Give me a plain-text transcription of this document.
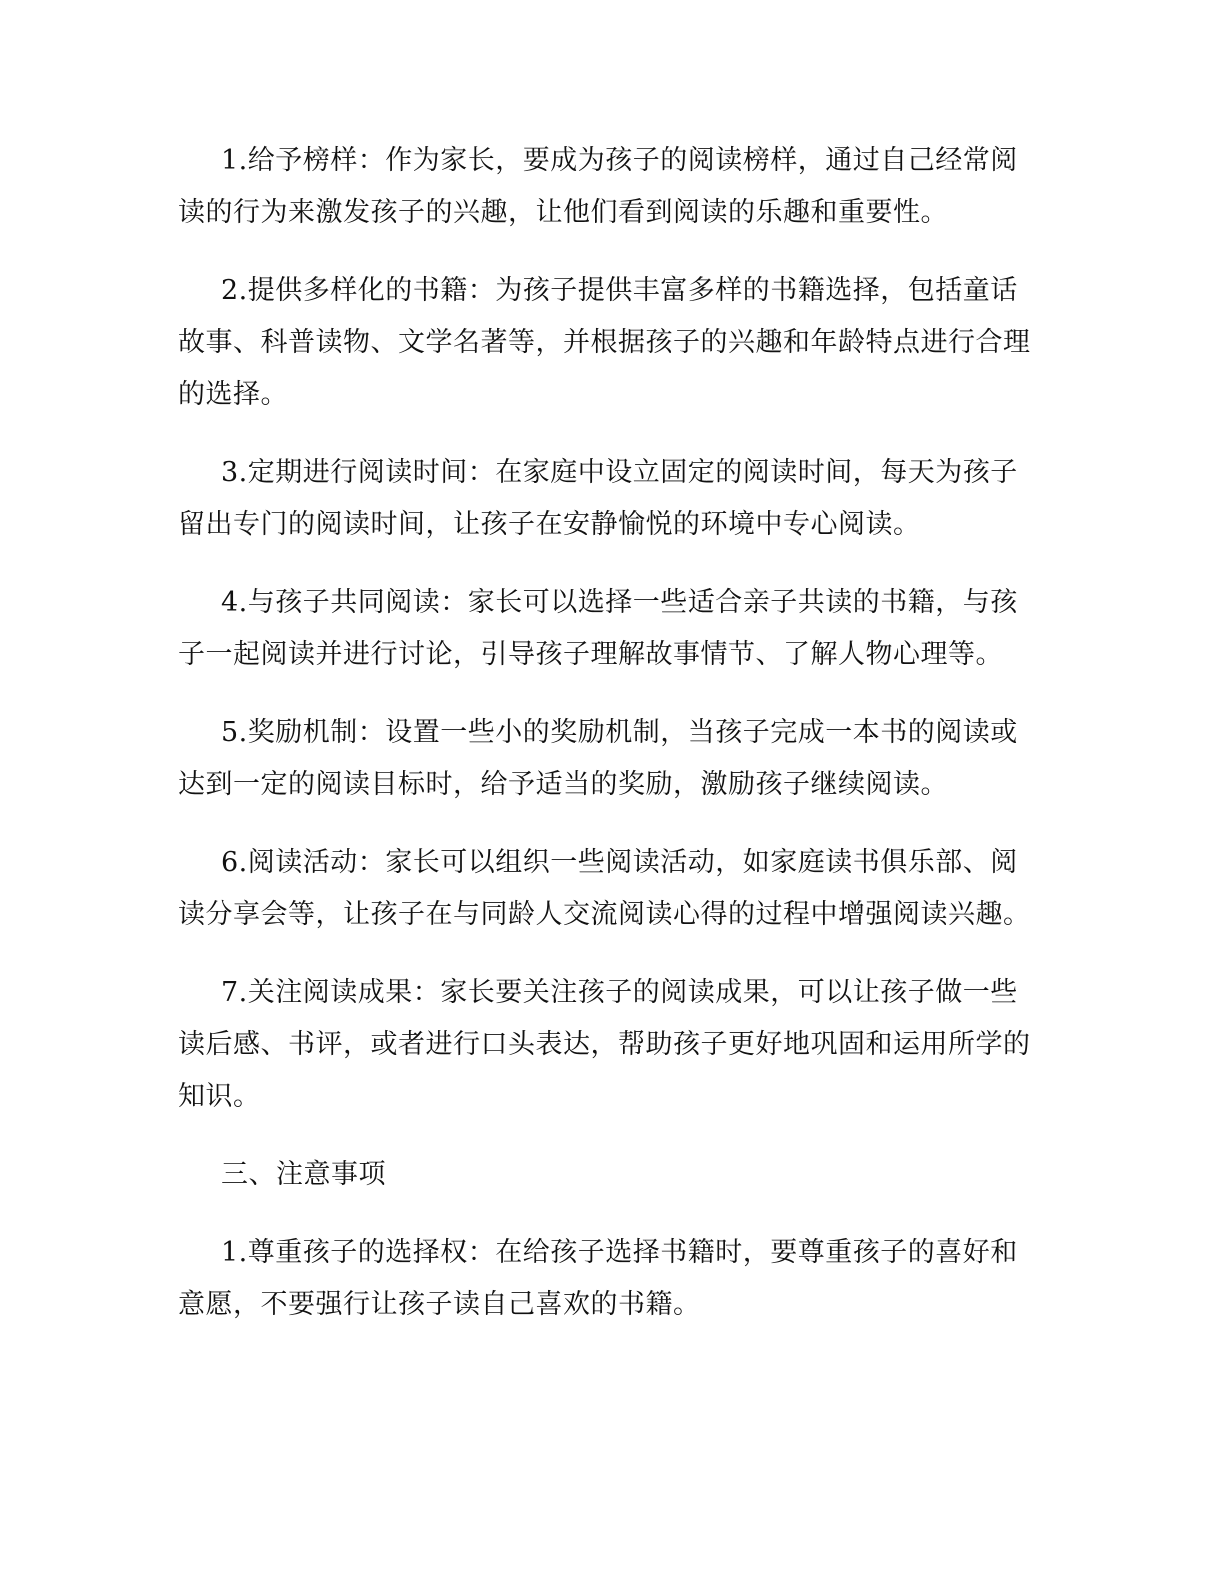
1.给予榜样：作为家长，要成为孩子的阅读榜样，通过自己经常阅读的行为来激发孩子的兴趣，让他们看到阅读的乐趣和重要性。

2.提供多样化的书籍：为孩子提供丰富多样的书籍选择，包括童话故事、科普读物、文学名著等，并根据孩子的兴趣和年龄特点进行合理的选择。

3.定期进行阅读时间：在家庭中设立固定的阅读时间，每天为孩子留出专门的阅读时间，让孩子在安静愉悦的环境中专心阅读。

4.与孩子共同阅读：家长可以选择一些适合亲子共读的书籍，与孩子一起阅读并进行讨论，引导孩子理解故事情节、了解人物心理等。

5.奖励机制：设置一些小的奖励机制，当孩子完成一本书的阅读或达到一定的阅读目标时，给予适当的奖励，激励孩子继续阅读。

6.阅读活动：家长可以组织一些阅读活动，如家庭读书俱乐部、阅读分享会等，让孩子在与同龄人交流阅读心得的过程中增强阅读兴趣。

7.关注阅读成果：家长要关注孩子的阅读成果，可以让孩子做一些读后感、书评，或者进行口头表达，帮助孩子更好地巩固和运用所学的知识。

三、注意事项

1.尊重孩子的选择权：在给孩子选择书籍时，要尊重孩子的喜好和意愿，不要强行让孩子读自己喜欢的书籍。
